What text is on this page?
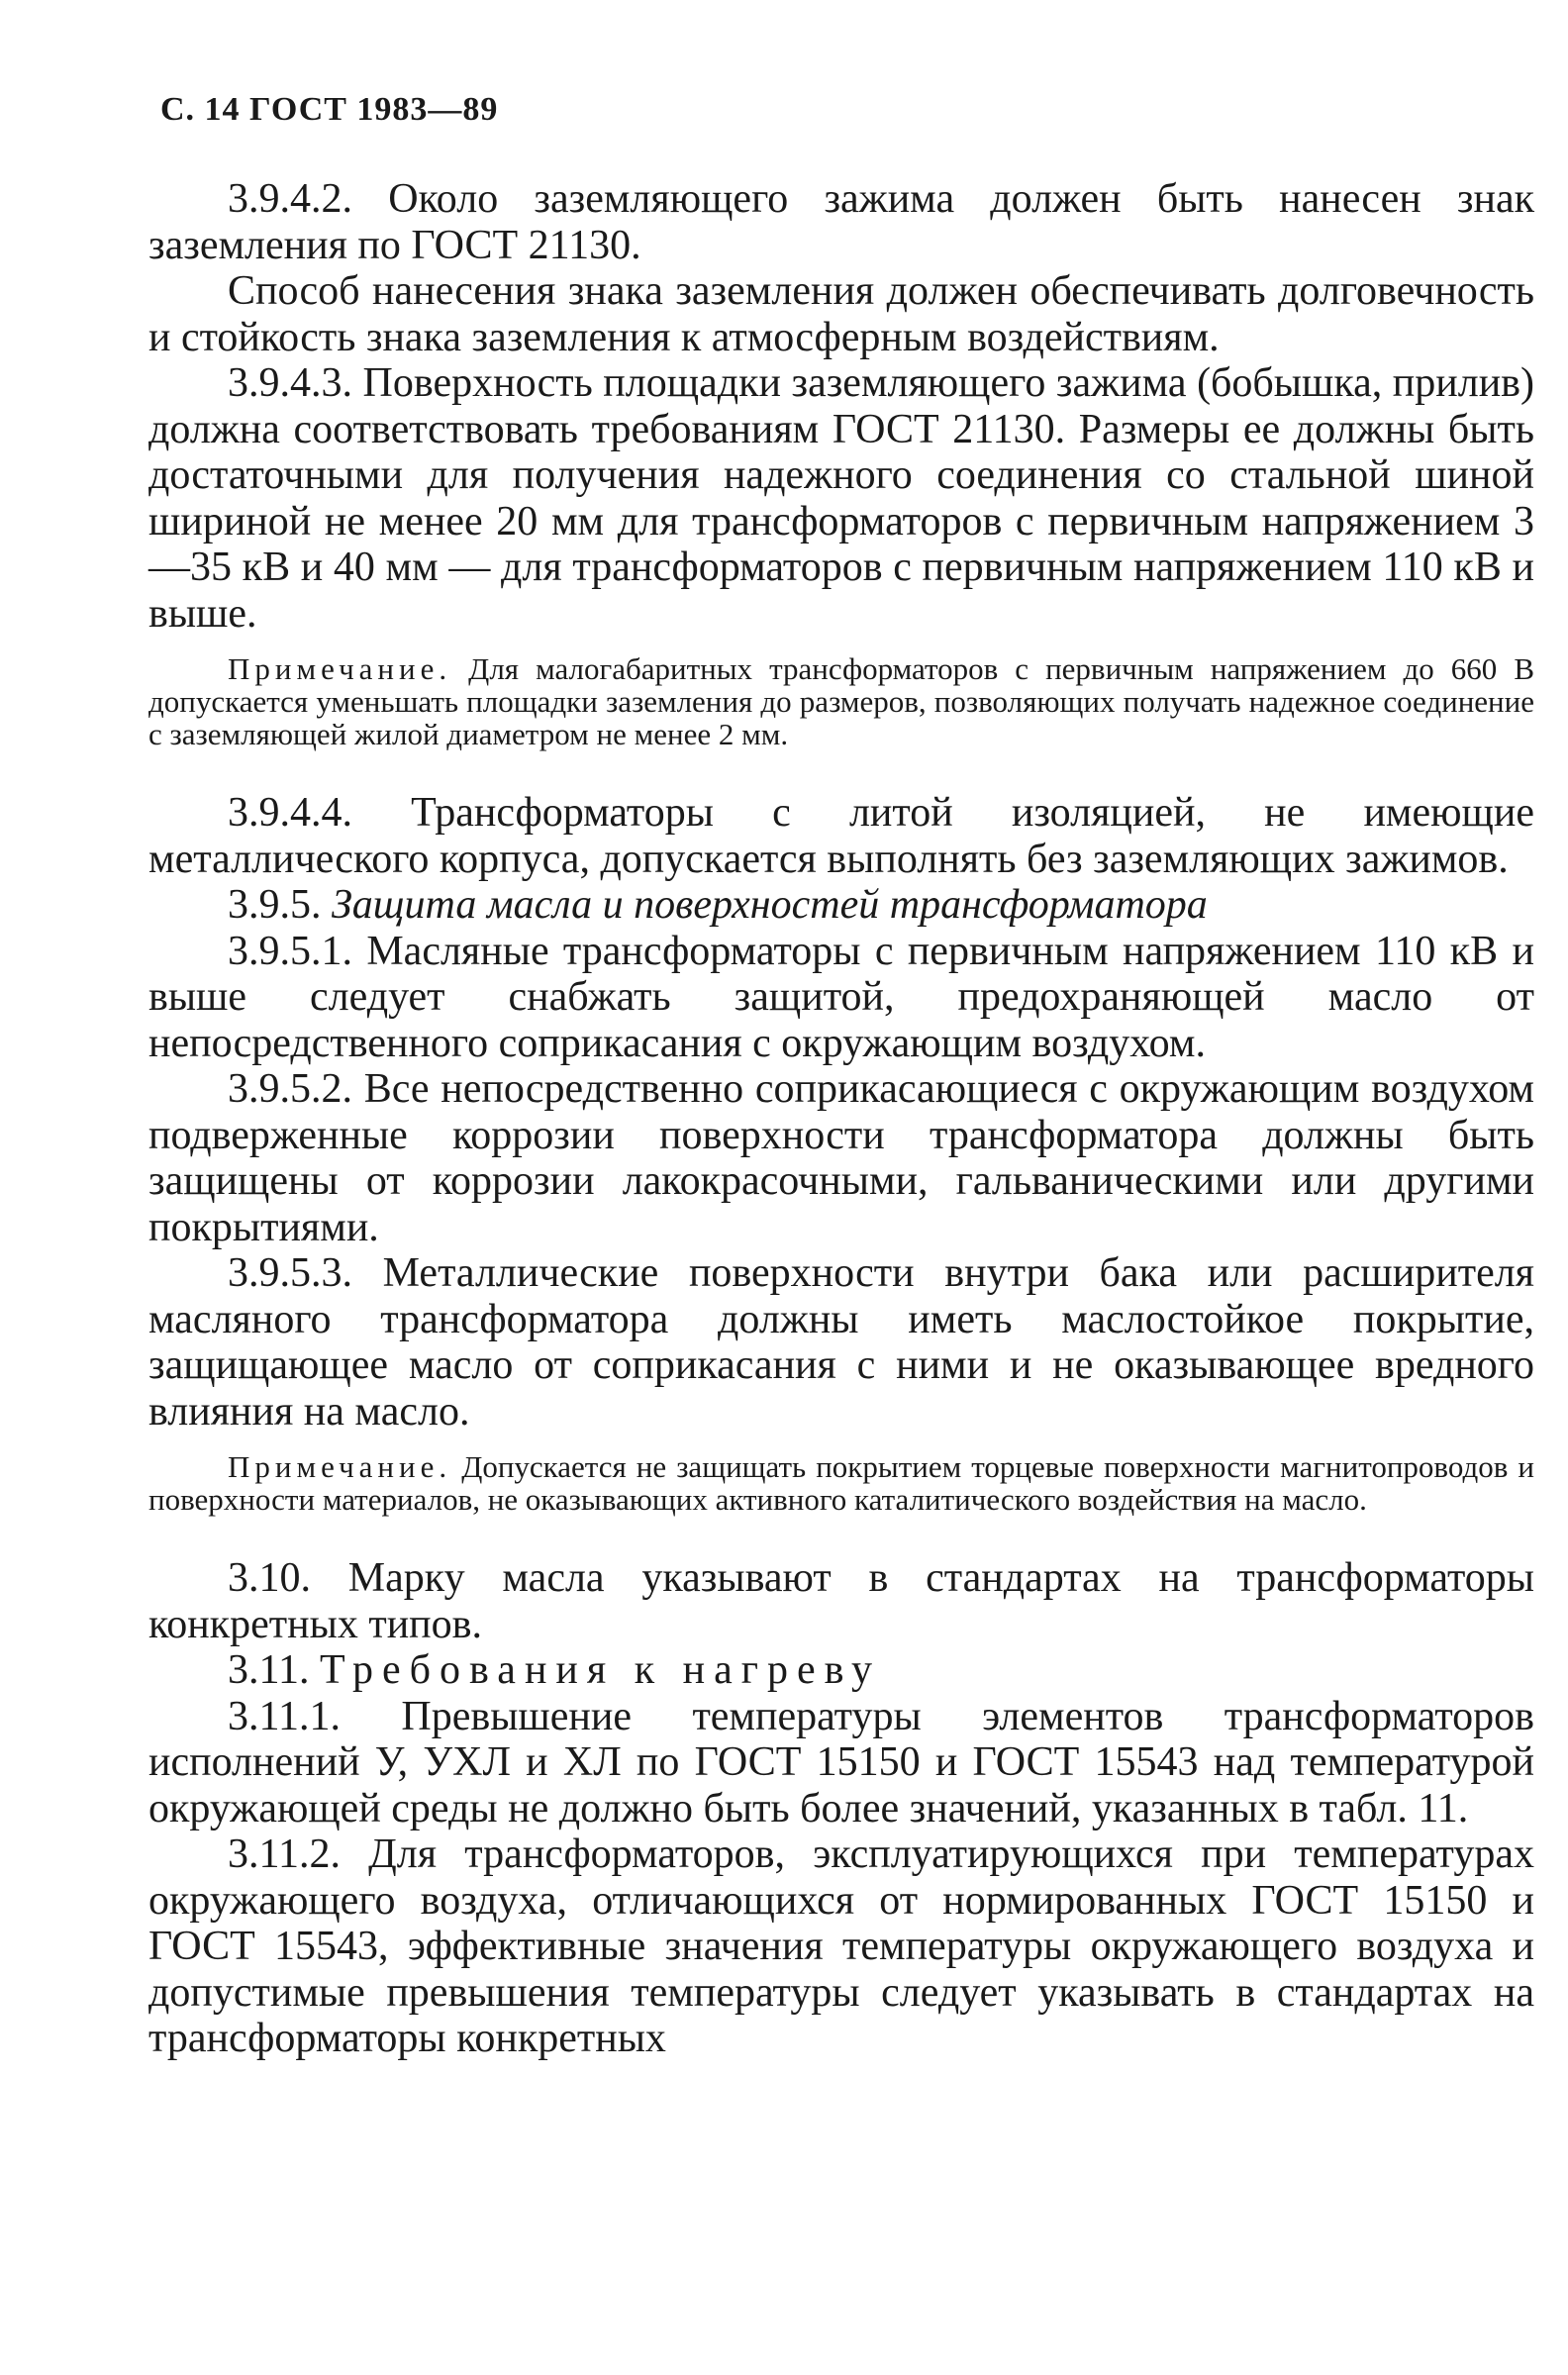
С. 14 ГОСТ 1983—89

3.9.4.2. Около заземляющего зажима должен быть нанесен знак заземления по ГОСТ 21130.

Способ нанесения знака заземления должен обеспечивать долговечность и стойкость знака заземления к атмосферным воздействиям.

3.9.4.3. Поверхность площадки заземляющего зажима (бобышка, прилив) должна соответствовать требованиям ГОСТ 21130. Размеры ее должны быть достаточными для получения надежного соединения со стальной шиной шириной не менее 20 мм для трансформаторов с первичным напряжением 3—35 кВ и 40 мм — для трансформаторов с первичным напряжением 110 кВ и выше.

Примечание. Для малогабаритных трансформаторов с первичным напряжением до 660 В допускается уменьшать площадки заземления до размеров, позволяющих получать надежное соединение с заземляющей жилой диаметром не менее 2 мм.

3.9.4.4. Трансформаторы с литой изоляцией, не имеющие металлического корпуса, допускается выполнять без заземляющих зажимов.

3.9.5. Защита масла и поверхностей трансформатора

3.9.5.1. Масляные трансформаторы с первичным напряжением 110 кВ и выше следует снабжать защитой, предохраняющей масло от непосредственного соприкасания с окружающим воздухом.

3.9.5.2. Все непосредственно соприкасающиеся с окружающим воздухом подверженные коррозии поверхности трансформатора должны быть защищены от коррозии лакокрасочными, гальваническими или другими покрытиями.

3.9.5.3. Металлические поверхности внутри бака или расширителя масляного трансформатора должны иметь маслостойкое покрытие, защищающее масло от соприкасания с ними и не оказывающее вредного влияния на масло.

Примечание. Допускается не защищать покрытием торцевые поверхности магнитопроводов и поверхности материалов, не оказывающих активного каталитического воздействия на масло.

3.10. Марку масла указывают в стандартах на трансформаторы конкретных типов.

3.11. Требования к нагреву

3.11.1. Превышение температуры элементов трансформаторов исполнений У, УХЛ и ХЛ по ГОСТ 15150 и ГОСТ 15543 над температурой окружающей среды не должно быть более значений, указанных в табл. 11.

3.11.2. Для трансформаторов, эксплуатирующихся при температурах окружающего воздуха, отличающихся от нормированных ГОСТ 15150 и ГОСТ 15543, эффективные значения температуры окружающего воздуха и допустимые превышения температуры следует указывать в стандартах на трансформаторы конкретных
